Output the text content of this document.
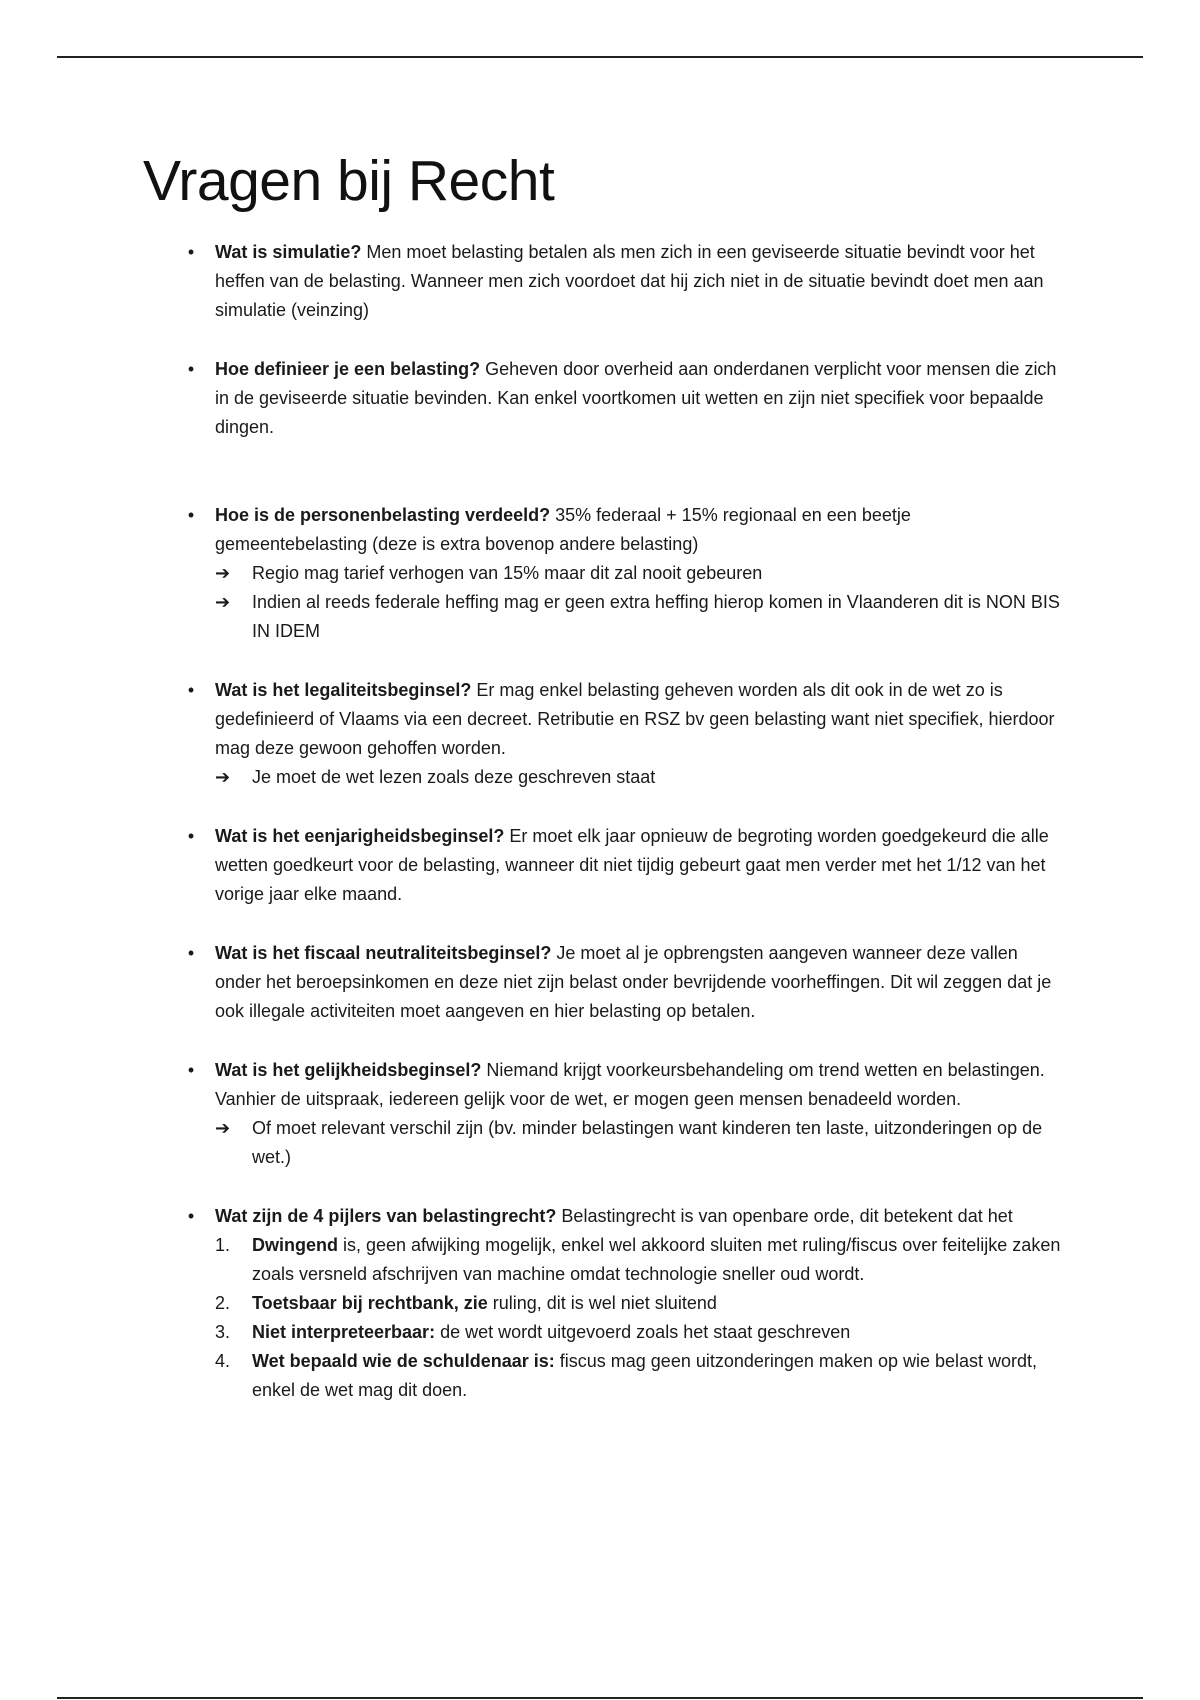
Vragen bij Recht
•	Wat is simulatie? Men moet belasting betalen als men zich in een geviseerde situatie bevindt voor het heffen van de belasting. Wanneer men zich voordoet dat hij zich niet in de situatie bevindt doet men aan simulatie (veinzing)

•	Hoe definieer je een belasting? Geheven door overheid aan onderdanen verplicht voor mensen die zich in de geviseerde situatie bevinden. Kan enkel voortkomen uit wetten en zijn niet specifiek voor bepaalde dingen.

•	Hoe is de personenbelasting verdeeld? 35% federaal + 15% regionaal en een beetje gemeentebelasting (deze is extra bovenop andere belasting)

➔ Regio mag tarief verhogen van 15% maar dit zal nooit gebeuren
➔ Indien al reeds federale heffing mag er geen extra heffing hierop komen in Vlaanderen dit is NON BIS IN IDEM
•	Wat is het legaliteitsbeginsel? Er mag enkel belasting geheven worden als dit ook in de wet zo is gedefinieerd of Vlaams via een decreet. Retributie en RSZ bv geen belasting want niet specifiek, hierdoor mag deze gewoon gehoffen worden.

➔ Je moet de wet lezen zoals deze geschreven staat
•	Wat is het eenjarigheidsbeginsel? Er moet elk jaar opnieuw de begroting worden goedgekeurd die alle wetten goedkeurt voor de belasting, wanneer dit niet tijdig gebeurt gaat men verder met het 1/12 van het vorige jaar elke maand.

•	Wat is het fiscaal neutraliteitsbeginsel? Je moet al je opbrengsten aangeven wanneer deze vallen onder het beroepsinkomen en deze niet zijn belast onder bevrijdende voorheffingen. Dit wil zeggen dat je ook illegale activiteiten moet aangeven en hier belasting op betalen.

•	Wat is het gelijkheidsbeginsel? Niemand krijgt voorkeursbehandeling om trend wetten en belastingen. Vanhier de uitspraak, iedereen gelijk voor de wet, er mogen geen mensen benadeeld worden.

➔ Of moet relevant verschil zijn (bv. minder belastingen want kinderen ten laste, uitzonderingen op de wet.)
•	Wat zijn de 4 pijlers van belastingrecht? Belastingrecht is van openbare orde, dit betekent dat het

1. Dwingend is, geen afwijking mogelijk, enkel wel akkoord sluiten met ruling/fiscus over feitelijke zaken zoals versneld afschrijven van machine omdat technologie sneller oud wordt.
2. Toetsbaar bij rechtbank, zie ruling, dit is wel niet sluitend
3. Niet interpreteerbaar: de wet wordt uitgevoerd zoals het staat geschreven
4. Wet bepaald wie de schuldenaar is: fiscus mag geen uitzonderingen maken op wie belast wordt, enkel de wet mag dit doen.
